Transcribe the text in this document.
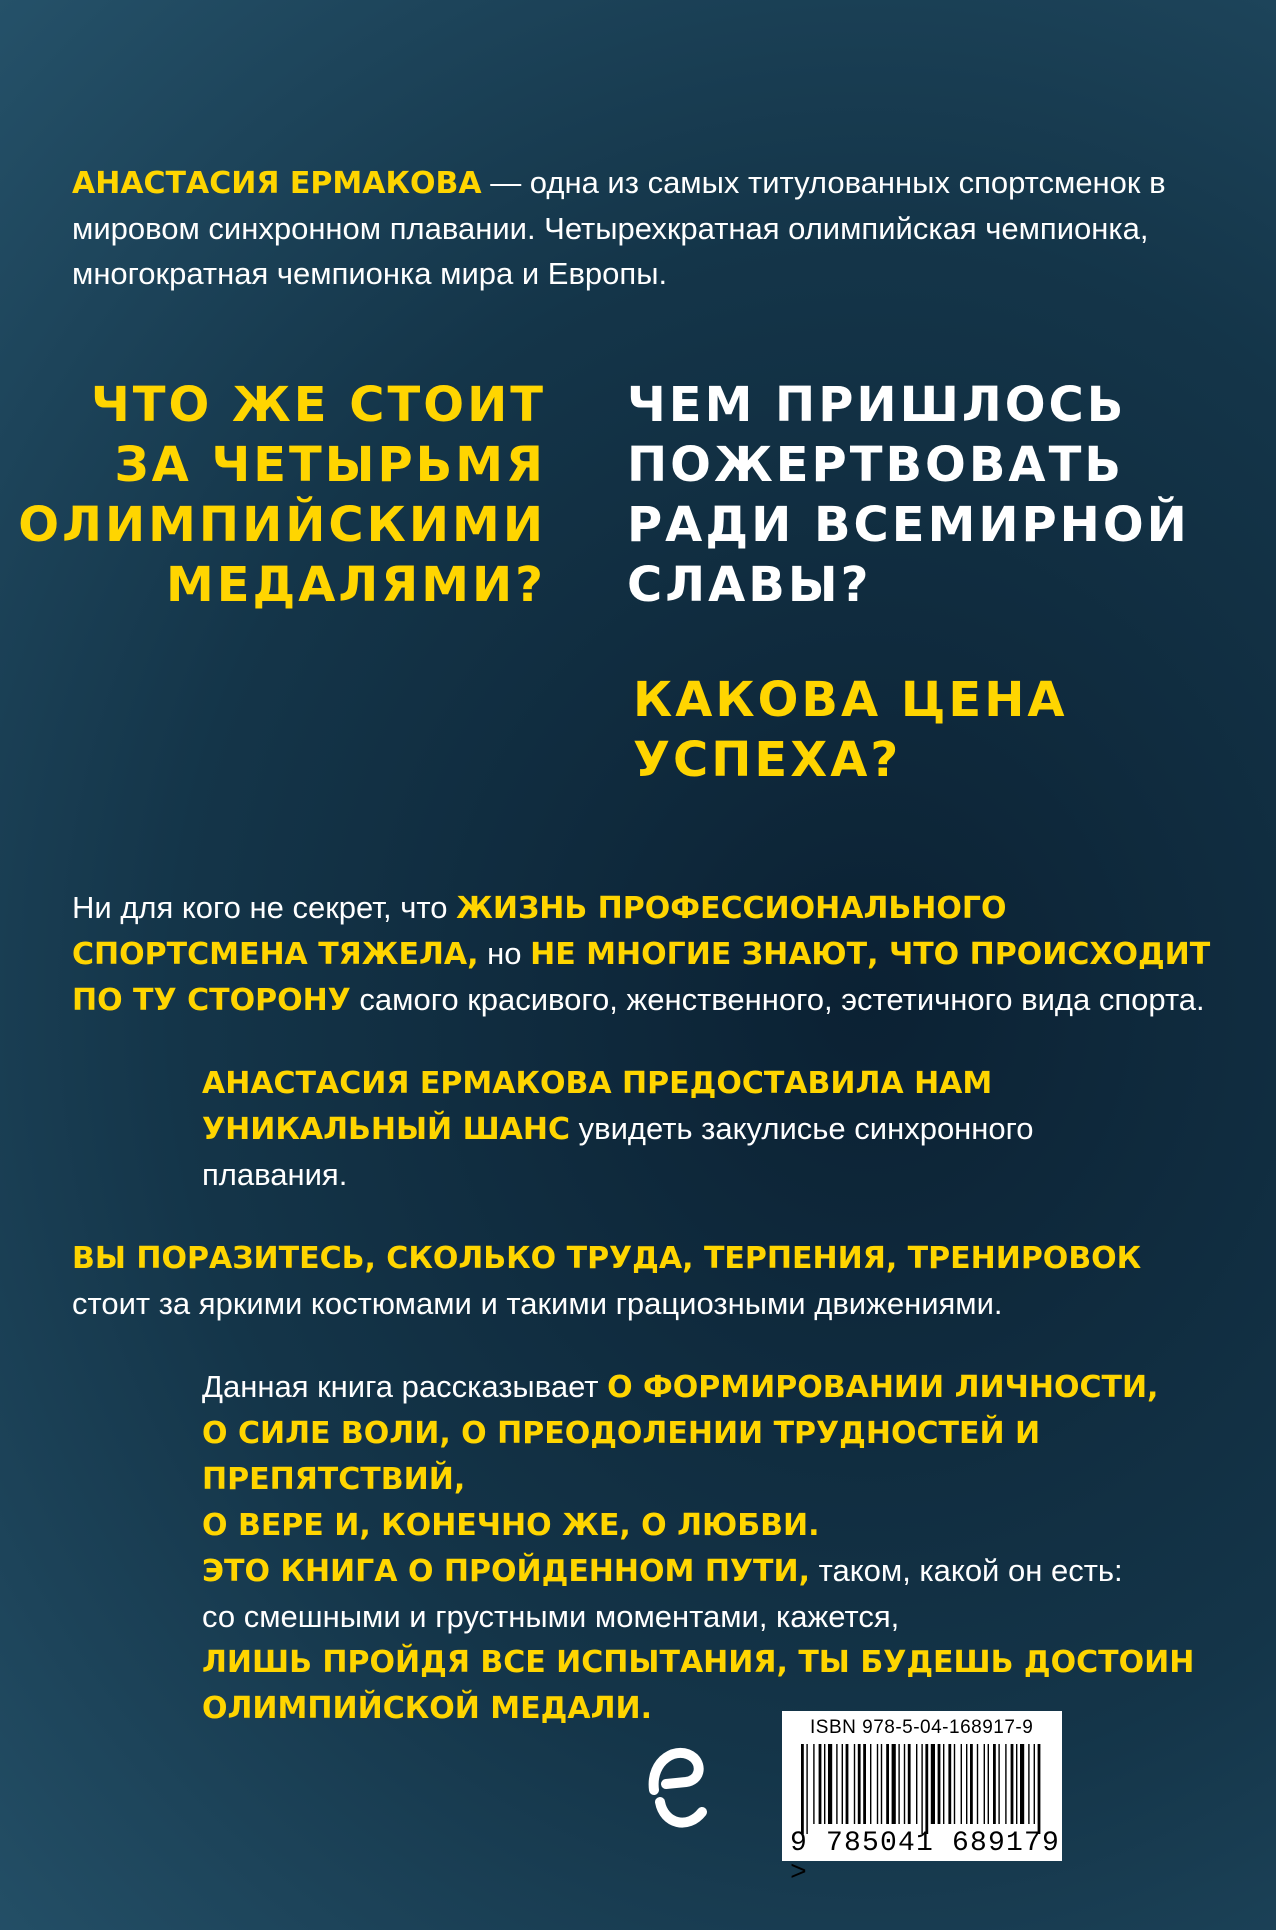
АНАСТАСИЯ ЕРМАКОВА — одна из самых титулованных спортсменок в мировом синхронном плавании. Четырехкратная олимпийская чемпионка, многократная чемпионка мира и Европы.

ЧТО ЖЕ СТОИТ
ЗА ЧЕТЫРЬМЯ
ОЛИМПИЙСКИМИ
МЕДАЛЯМИ?
ЧЕМ ПРИШЛОСЬ
ПОЖЕРТВОВАТЬ
РАДИ ВСЕМИРНОЙ
СЛАВЫ?
КАКОВА ЦЕНА
УСПЕХА?

Ни для кого не секрет, что ЖИЗНЬ ПРОФЕССИОНАЛЬНОГО СПОРТСМЕНА ТЯЖЕЛА, но НЕ МНОГИЕ ЗНАЮТ, ЧТО ПРОИСХОДИТ ПО ТУ СТОРОНУ самого красивого, женственного, эстетичного вида спорта.

АНАСТАСИЯ ЕРМАКОВА ПРЕДОСТАВИЛА НАМ УНИКАЛЬНЫЙ ШАНС увидеть закулисье синхронного плавания.

ВЫ ПОРАЗИТЕСЬ, СКОЛЬКО ТРУДА, ТЕРПЕНИЯ, ТРЕНИРОВОК стоит за яркими костюмами и такими грациозными движениями.

Данная книга рассказывает О ФОРМИРОВАНИИ ЛИЧНОСТИ,
О СИЛЕ ВОЛИ, О ПРЕОДОЛЕНИИ ТРУДНОСТЕЙ И ПРЕПЯТСТВИЙ,
О ВЕРЕ И, КОНЕЧНО ЖЕ, О ЛЮБВИ.
ЭТО КНИГА О ПРОЙДЕННОМ ПУТИ, таком, какой он есть:
со смешными и грустными моментами, кажется,
ЛИШЬ ПРОЙДЯ ВСЕ ИСПЫТАНИЯ, ТЫ БУДЕШЬ ДОСТОИН
ОЛИМПИЙСКОЙ МЕДАЛИ.

ISBN 978-5-04-168917-9
9 785041 689179 >
